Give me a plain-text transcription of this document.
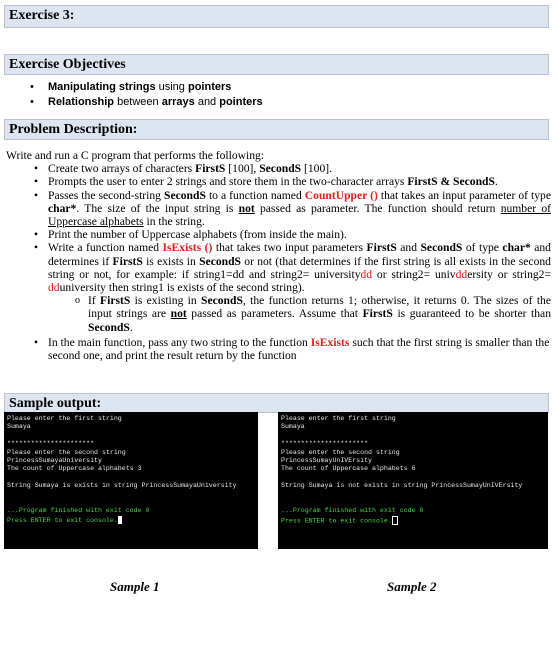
Exercise 3:
Exercise Objectives
• Manipulating strings using pointers
• Relationship between arrays and pointers
Problem Description:
Write and run a C program that performs the following:
• Create two arrays of characters FirstS [100], SecondS [100].
• Prompts the user to enter 2 strings and store them in the two-character arrays FirstS & SecondS.
• Passes the second-string SecondS to a function named CountUpper () that takes an input parameter of type char*. The size of the input string is not passed as parameter. The function should return number of Uppercase alphabets in the string.
• Print the number of Uppercase alphabets (from inside the main).
• Write a function named IsExists () that takes two input parameters FirstS and SecondS of type char* and determines if FirstS is exists in SecondS or not (that determines if the first string is all exists in the second string or not, for example: if string1=dd and string2= universitydd or string2= univddersity or string2= dduniversity then string1 is exists of the second string).
o If FirstS is existing in SecondS, the function returns 1; otherwise, it returns 0. The sizes of the input strings are not passed as parameters. Assume that FirstS is guaranteed to be shorter than SecondS.
• In the main function, pass any two string to the function IsExists such that the first string is smaller than the second one, and print the result return by the function
Sample output:
Please enter the first string
Sumaya

**********************
Please enter the second string
PrincessSumayaUniversity
The count of Uppercase alphabets 3

String Sumaya is exists in string PrincessSumayaUniversity

...Program finished with exit code 0
Press ENTER to exit console.
Please enter the first string
Sumaya

**********************
Please enter the second string
PrincessSumayUnIVErsity
The count of Uppercase alphabets 6

String Sumaya is not exists in string PrincessSumayUnIVErsity

...Program finished with exit code 0
Press ENTER to exit console.
Sample 1	Sample 2
